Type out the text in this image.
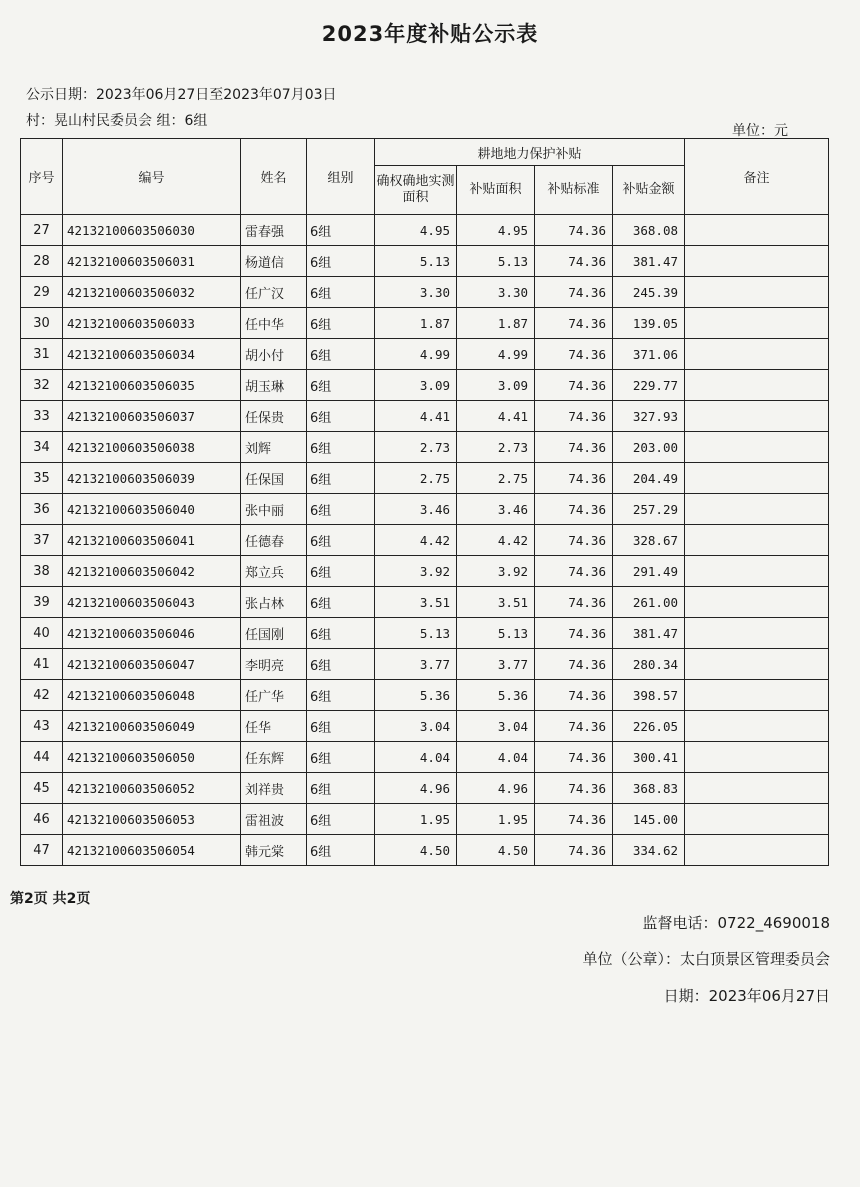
2023年度补贴公示表
公示日期：2023年06月27日至2023年07月03日
村：晃山村民委员会 组：6组
单位：元
序号	编号	姓名	组别	耕地地力保护补贴				备注
				确权确地实测面积	补贴面积	补贴标准	补贴金额	
27	42132100603506030	雷春强	6组	4.95	4.95	74.36	368.08	
28	42132100603506031	杨道信	6组	5.13	5.13	74.36	381.47	
29	42132100603506032	任广汉	6组	3.30	3.30	74.36	245.39	
30	42132100603506033	任中华	6组	1.87	1.87	74.36	139.05	
31	42132100603506034	胡小付	6组	4.99	4.99	74.36	371.06	
32	42132100603506035	胡玉琳	6组	3.09	3.09	74.36	229.77	
33	42132100603506037	任保贵	6组	4.41	4.41	74.36	327.93	
34	42132100603506038	刘辉	6组	2.73	2.73	74.36	203.00	
35	42132100603506039	任保国	6组	2.75	2.75	74.36	204.49	
36	42132100603506040	张中丽	6组	3.46	3.46	74.36	257.29	
37	42132100603506041	任德春	6组	4.42	4.42	74.36	328.67	
38	42132100603506042	郑立兵	6组	3.92	3.92	74.36	291.49	
39	42132100603506043	张占林	6组	3.51	3.51	74.36	261.00	
40	42132100603506046	任国刚	6组	5.13	5.13	74.36	381.47	
41	42132100603506047	李明亮	6组	3.77	3.77	74.36	280.34	
42	42132100603506048	任广华	6组	5.36	5.36	74.36	398.57	
43	42132100603506049	任华	6组	3.04	3.04	74.36	226.05	
44	42132100603506050	任东辉	6组	4.04	4.04	74.36	300.41	
45	42132100603506052	刘祥贵	6组	4.96	4.96	74.36	368.83	
46	42132100603506053	雷祖波	6组	1.95	1.95	74.36	145.00	
47	42132100603506054	韩元棠	6组	4.50	4.50	74.36	334.62	
第2页 共2页
监督电话：0722_4690018
单位（公章）：太白顶景区管理委员会
日期：2023年06月27日
